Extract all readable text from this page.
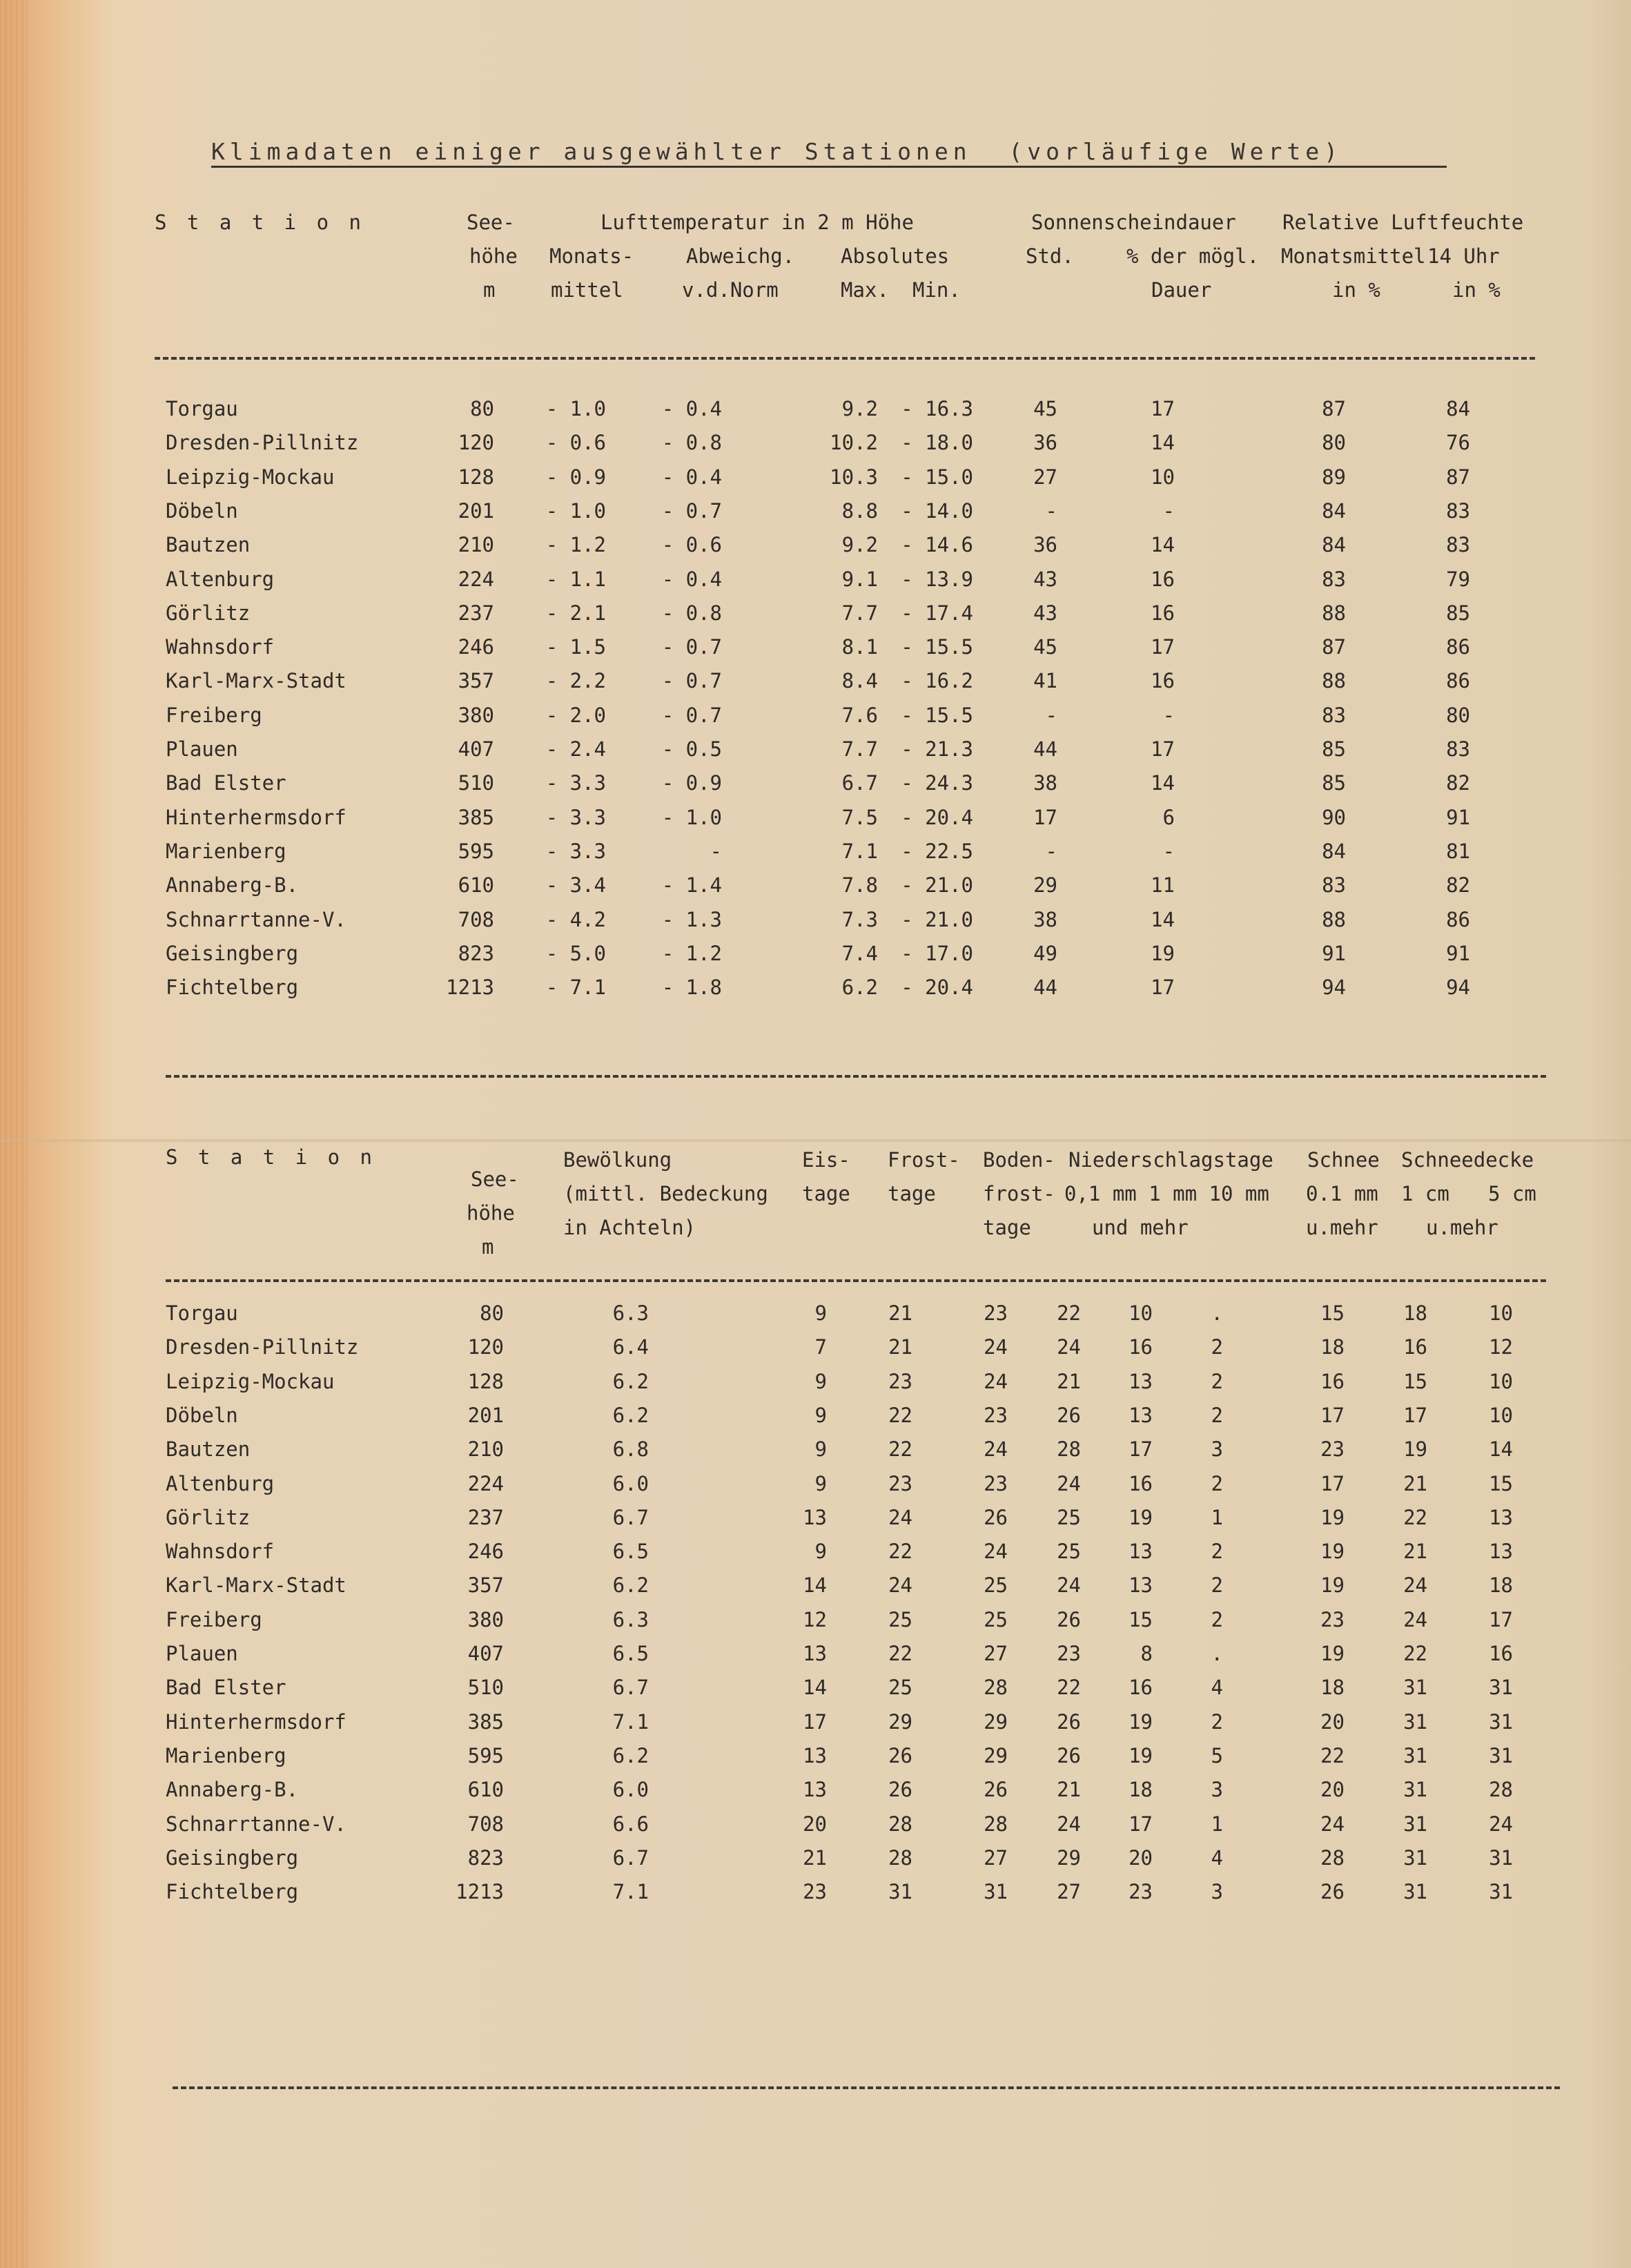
Klimadaten einiger ausgewählter Stationen (vorläufige Werte)
S t a t i o n	See-
höhe
m
Lufttemperatur in 2 m Höhe
Monats-
mittel
Abweichg.
v.d.Norm
Absolutes
Max. Min.
Sonnenscheindauer
Std.	% der mögl.
Dauer
Relative Luftfeuchte
Monatsmittel
in %
14 Uhr
in %
Torgau	80	- 1.0	- 0.4	9.2 - 16.3	45	17	87	84
Dresden-Pillnitz	120	- 0.6	- 0.8	10.2 - 18.0	36	14	80	76
Leipzig-Mockau	128	- 0.9	- 0.4	10.3 - 15.0	27	10	89	87
Döbeln	201	- 1.0	- 0.7	8.8 - 14.0	-	-	84	83
Bautzen	210	- 1.2	- 0.6	9.2 - 14.6	36	14	84	83
Altenburg	224	- 1.1	- 0.4	9.1 - 13.9	43	16	83	79
Görlitz	237	- 2.1	- 0.8	7.7 - 17.4	43	16	88	85
Wahnsdorf	246	- 1.5	- 0.7	8.1 - 15.5	45	17	87	86
Karl-Marx-Stadt	357	- 2.2	- 0.7	8.4 - 16.2	41	16	88	86
Freiberg	380	- 2.0	- 0.7	7.6 - 15.5	-	-	83	80
Plauen	407	- 2.4	- 0.5	7.7 - 21.3	44	17	85	83
Bad Elster	510	- 3.3	- 0.9	6.7 - 24.3	38	14	85	82
Hinterhermsdorf	385	- 3.3	- 1.0	7.5 - 20.4	17	6	90	91
Marienberg	595	- 3.3	-	7.1 - 22.5	-	-	84	81
Annaberg-B.	610	- 3.4	- 1.4	7.8 - 21.0	29	11	83	82
Schnarrtanne-V.	708	- 4.2	- 1.3	7.3 - 21.0	38	14	88	86
Geisingberg	823	- 5.0	- 1.2	7.4 - 17.0	49	19	91	91
Fichtelberg	1213	- 7.1	- 1.8	6.2 - 20.4	44	17	94	94
S t a t i o n
See-
höhe
m
Bewölkung
(mittl. Bedeckung
in Achteln)
Eis-
tage
Frost-
tage
Boden-
frost-
tage
Niederschlagstage
0,1 mm 1 mm 10 mm
und mehr
Schnee
0.1 mm
u.mehr
Schneedecke
1 cm 5 cm
u.mehr
Torgau	80	6.3	9	21	23 22 10	.	15	18	10
Dresden-Pillnitz	120	6.4	7	21	24 24 16	2	18	16	12
Leipzig-Mockau	128	6.2	9	23	24 21 13	2	16	15	10
Döbeln	201	6.2	9	22	23 26 13	2	17	17	10
Bautzen	210	6.8	9	22	24 28 17	3	23	19	14
Altenburg	224	6.0	9	23	23 24 16	2	17	21	15
Görlitz	237	6.7	13	24	26 25 19	1	19	22	13
Wahnsdorf	246	6.5	9	22	24 25 13	2	19	21	13
Karl-Marx-Stadt	357	6.2	14	24	25 24 13	2	19	24	18
Freiberg	380	6.3	12	25	25 26 15	2	23	24	17
Plauen	407	6.5	13	22	27 23	8	.	19	22	16
Bad Elster	510	6.7	14	25	28 22 16	4	18	31	31
Hinterhermsdorf	385	7.1	17	29	29 26 19	2	20	31	31
Marienberg	595	6.2	13	26	29 26 19	5	22	31	31
Annaberg-B.	610	6.0	13	26	26 21 18	3	20	31	28
Schnarrtanne-V.	708	6.6	20	28	28 24 17	1	24	31	24
Geisingberg	823	6.7	21	28	27 29 20	4	28	31	31
Fichtelberg	1213	7.1	23	31	31 27 23	3	26	31	31
